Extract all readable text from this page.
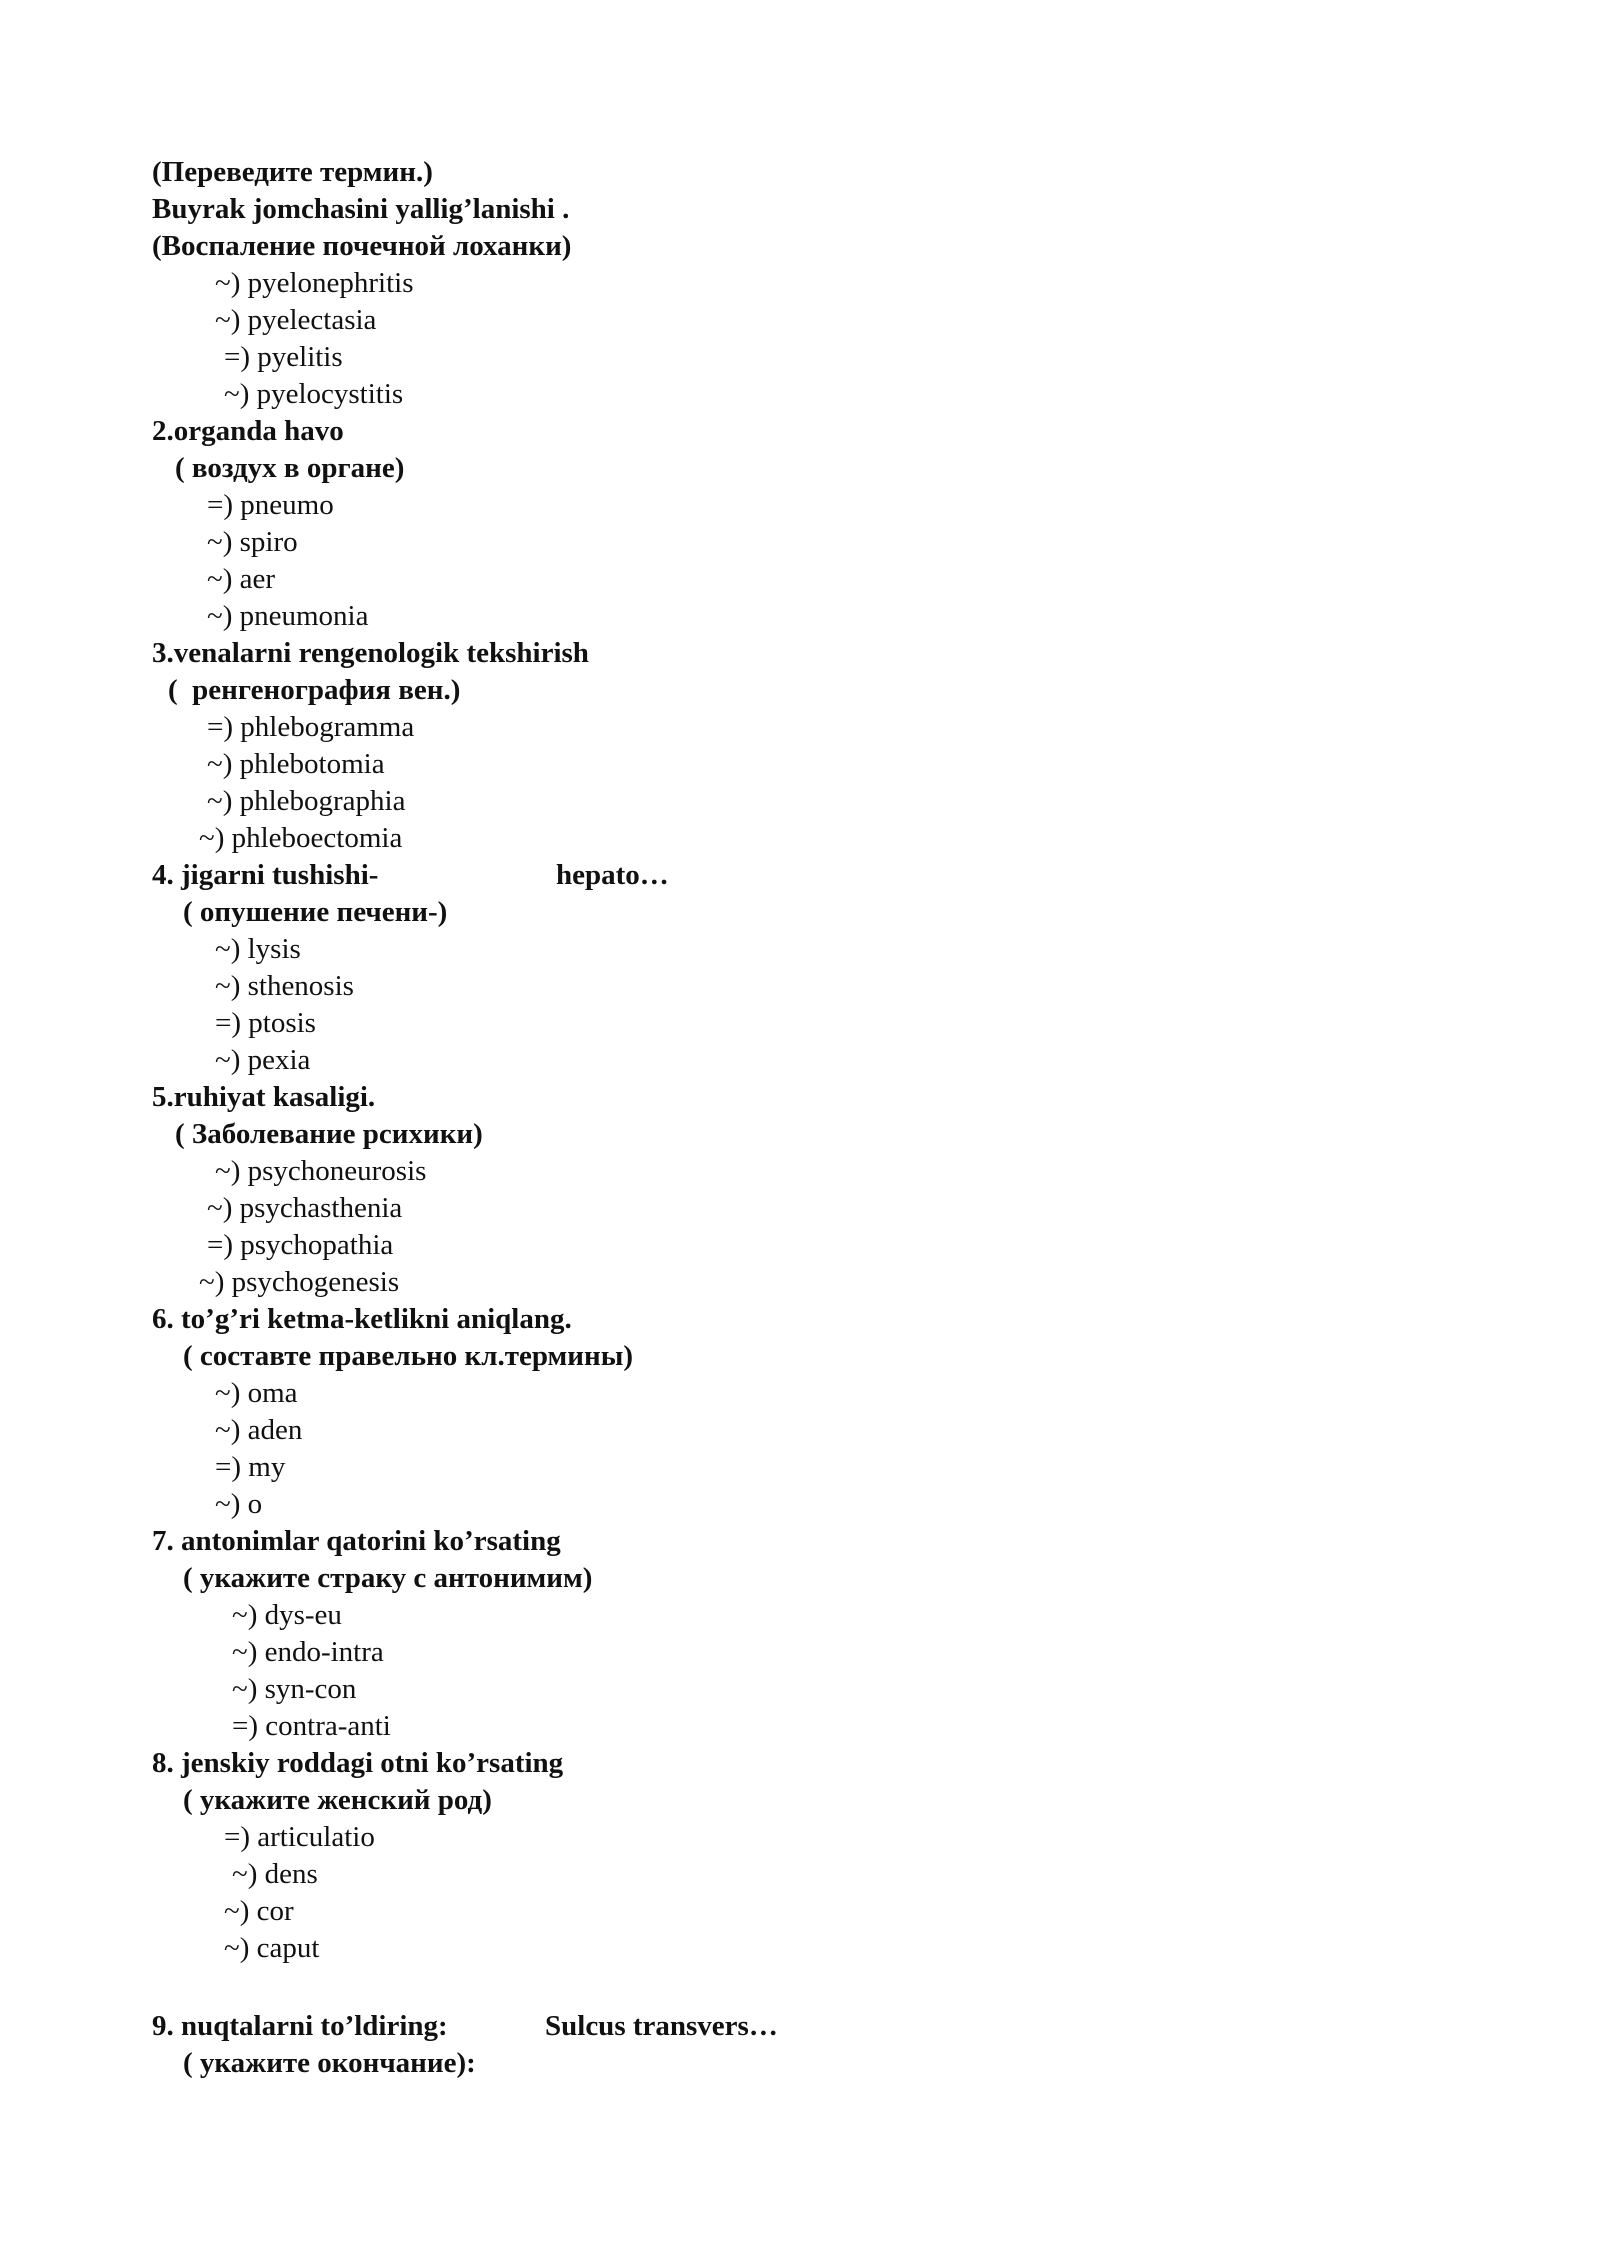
(Переведите термин.)
Buyrak jomchasini yallig’lanishi .
(Воспаление почечной лоханки)
~) pyelonephritis
~) pyelectasia
=) pyelitis
~) pyelocystitis
2.organda havo
( воздух в органе)
=) pneumo
~) spiro
~) aer
~) pneumonia
3.venalarni rengenologik tekshirish
(  ренгенография вен.)
=) phlebogramma
~) phlebotomia
~) phlebographia
~) phleboectomia
4. jigarni tushishi-	hepato…
( опушение печени-)
~) lysis
~) sthenosis
=) ptosis
~) pexia
5.ruhiyat kasaligi.
( Заболевание рсихики)
~) psychoneurosis
~) psychasthenia
=) psychopathia
~) psychogenesis
6. to’g’ri ketma-ketlikni aniqlang.
( составте правельно кл.термины)
~) oma
~) aden
=) my
~) o
7. antonimlar qatorini ko’rsating
( укажите страку с антонимим)
~) dys-eu
~) endo-intra
~) syn-con
=) contra-anti
8. jenskiy roddagi otni ko’rsating
( укажите женский род)
=) articulatio
~) dens
~) cor
~) caput
9. nuqtalarni to’ldiring:	Sulcus transvers…
( укажите окончание):
